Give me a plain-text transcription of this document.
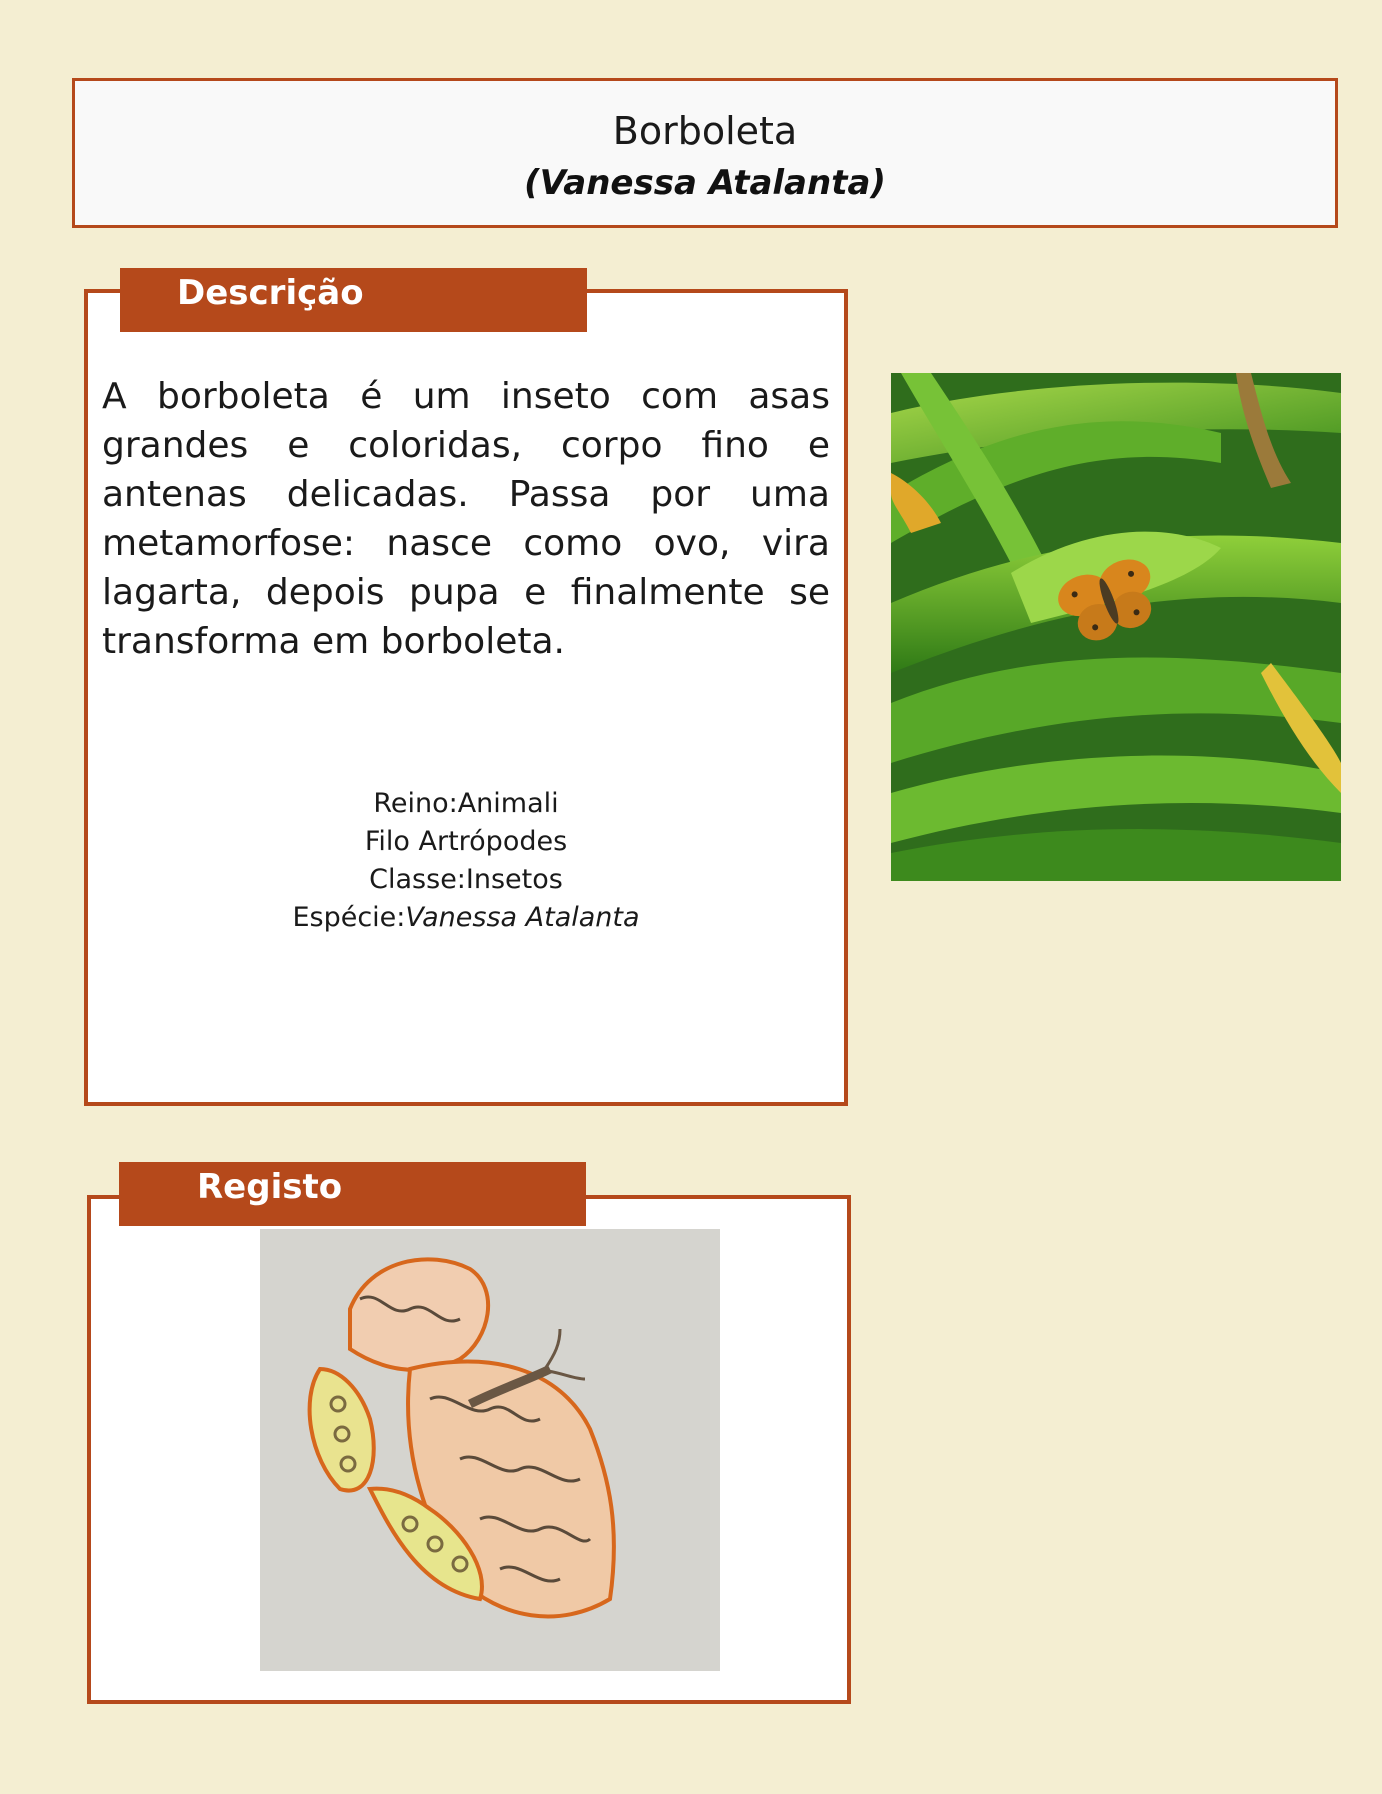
Borboleta
(Vanessa Atalanta)
Descrição
A borboleta é um inseto com asas grandes e coloridas, corpo fino e antenas delicadas. Passa por uma metamorfose: nasce como ovo, vira lagarta, depois pupa e finalmente se transforma em borboleta.
Reino:Animali
Filo Artrópodes
Classe:Insetos
Espécie:Vanessa Atalanta
Registo
